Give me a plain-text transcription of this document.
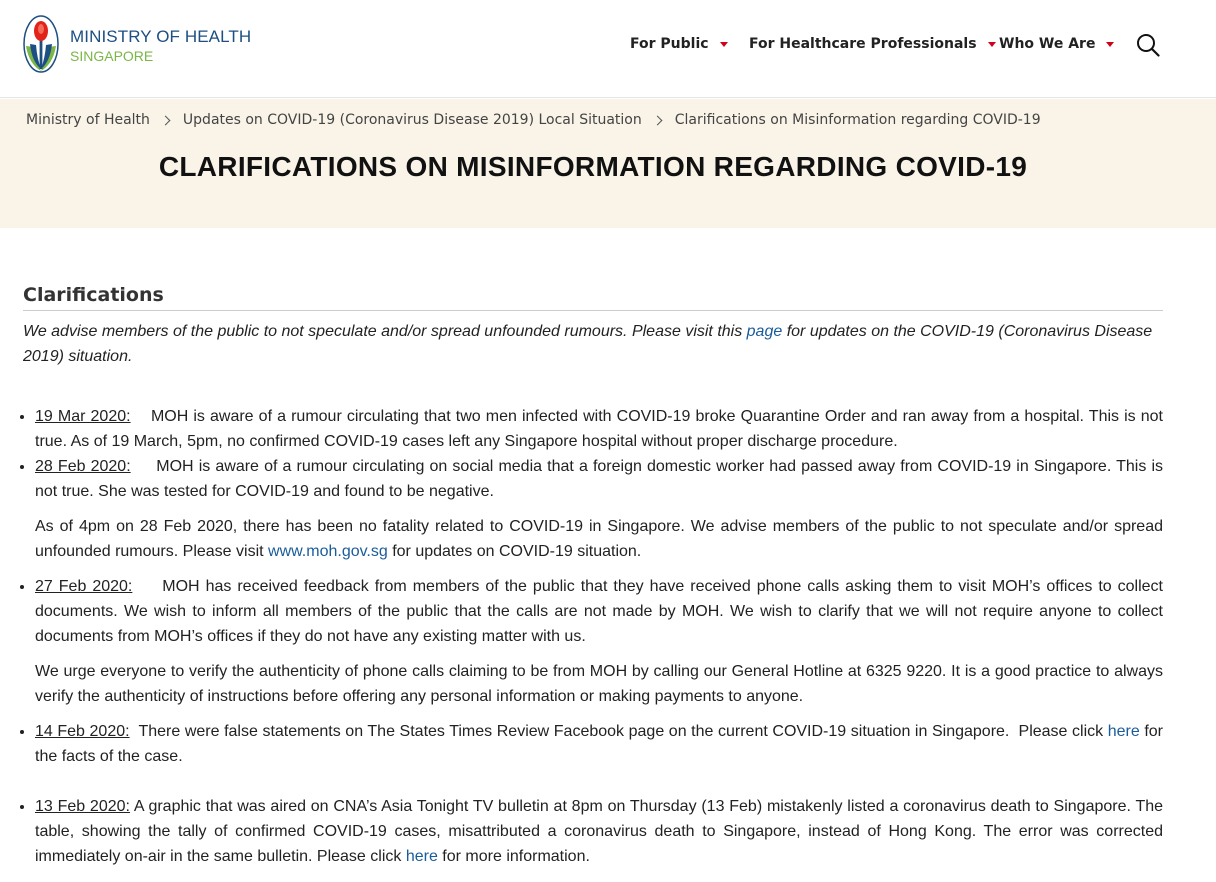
MINISTRY OF HEALTH
SINGAPORE
For Public	For Healthcare Professionals Who We Are
Ministry of Health Updates on COVID-19 (Coronavirus Disease 2019) Local Situation Clarifications on Misinformation regarding COVID-19
CLARIFICATIONS ON MISINFORMATION REGARDING COVID-19
Clarifications

We advise members of the public to not speculate and/or spread unfounded rumours. Please visit this page for updates on the COVID-19 (Coronavirus Disease 2019) situation.

• 19 Mar 2020:    MOH is aware of a rumour circulating that two men infected with COVID-19 broke Quarantine Order and ran away from a hospital. This is not true. As of 19 March, 5pm, no confirmed COVID-19 cases left any Singapore hospital without proper discharge procedure.
• 28 Feb 2020:     MOH is aware of a rumour circulating on social media that a foreign domestic worker had passed away from COVID-19 in Singapore. This is not true. She was tested for COVID-19 and found to be negative.

As of 4pm on 28 Feb 2020, there has been no fatality related to COVID-19 in Singapore. We advise members of the public to not speculate and/or spread unfounded rumours. Please visit www.moh.gov.sg for updates on COVID-19 situation.

• 27 Feb 2020:     MOH has received feedback from members of the public that they have received phone calls asking them to visit MOH’s offices to collect documents. We wish to inform all members of the public that the calls are not made by MOH. We wish to clarify that we will not require anyone to collect documents from MOH’s offices if they do not have any existing matter with us.

We urge everyone to verify the authenticity of phone calls claiming to be from MOH by calling our General Hotline at 6325 9220. It is a good practice to always verify the authenticity of instructions before offering any personal information or making payments to anyone.

• 14 Feb 2020:  There were false statements on The States Times Review Facebook page on the current COVID-19 situation in Singapore.  Please click here for the facts of the case.
• 13 Feb 2020: A graphic that was aired on CNA’s Asia Tonight TV bulletin at 8pm on Thursday (13 Feb) mistakenly listed a coronavirus death to Singapore. The table, showing the tally of confirmed COVID-19 cases, misattributed a coronavirus death to Singapore, instead of Hong Kong. The error was corrected immediately on-air in the same bulletin. Please click here for more information.
